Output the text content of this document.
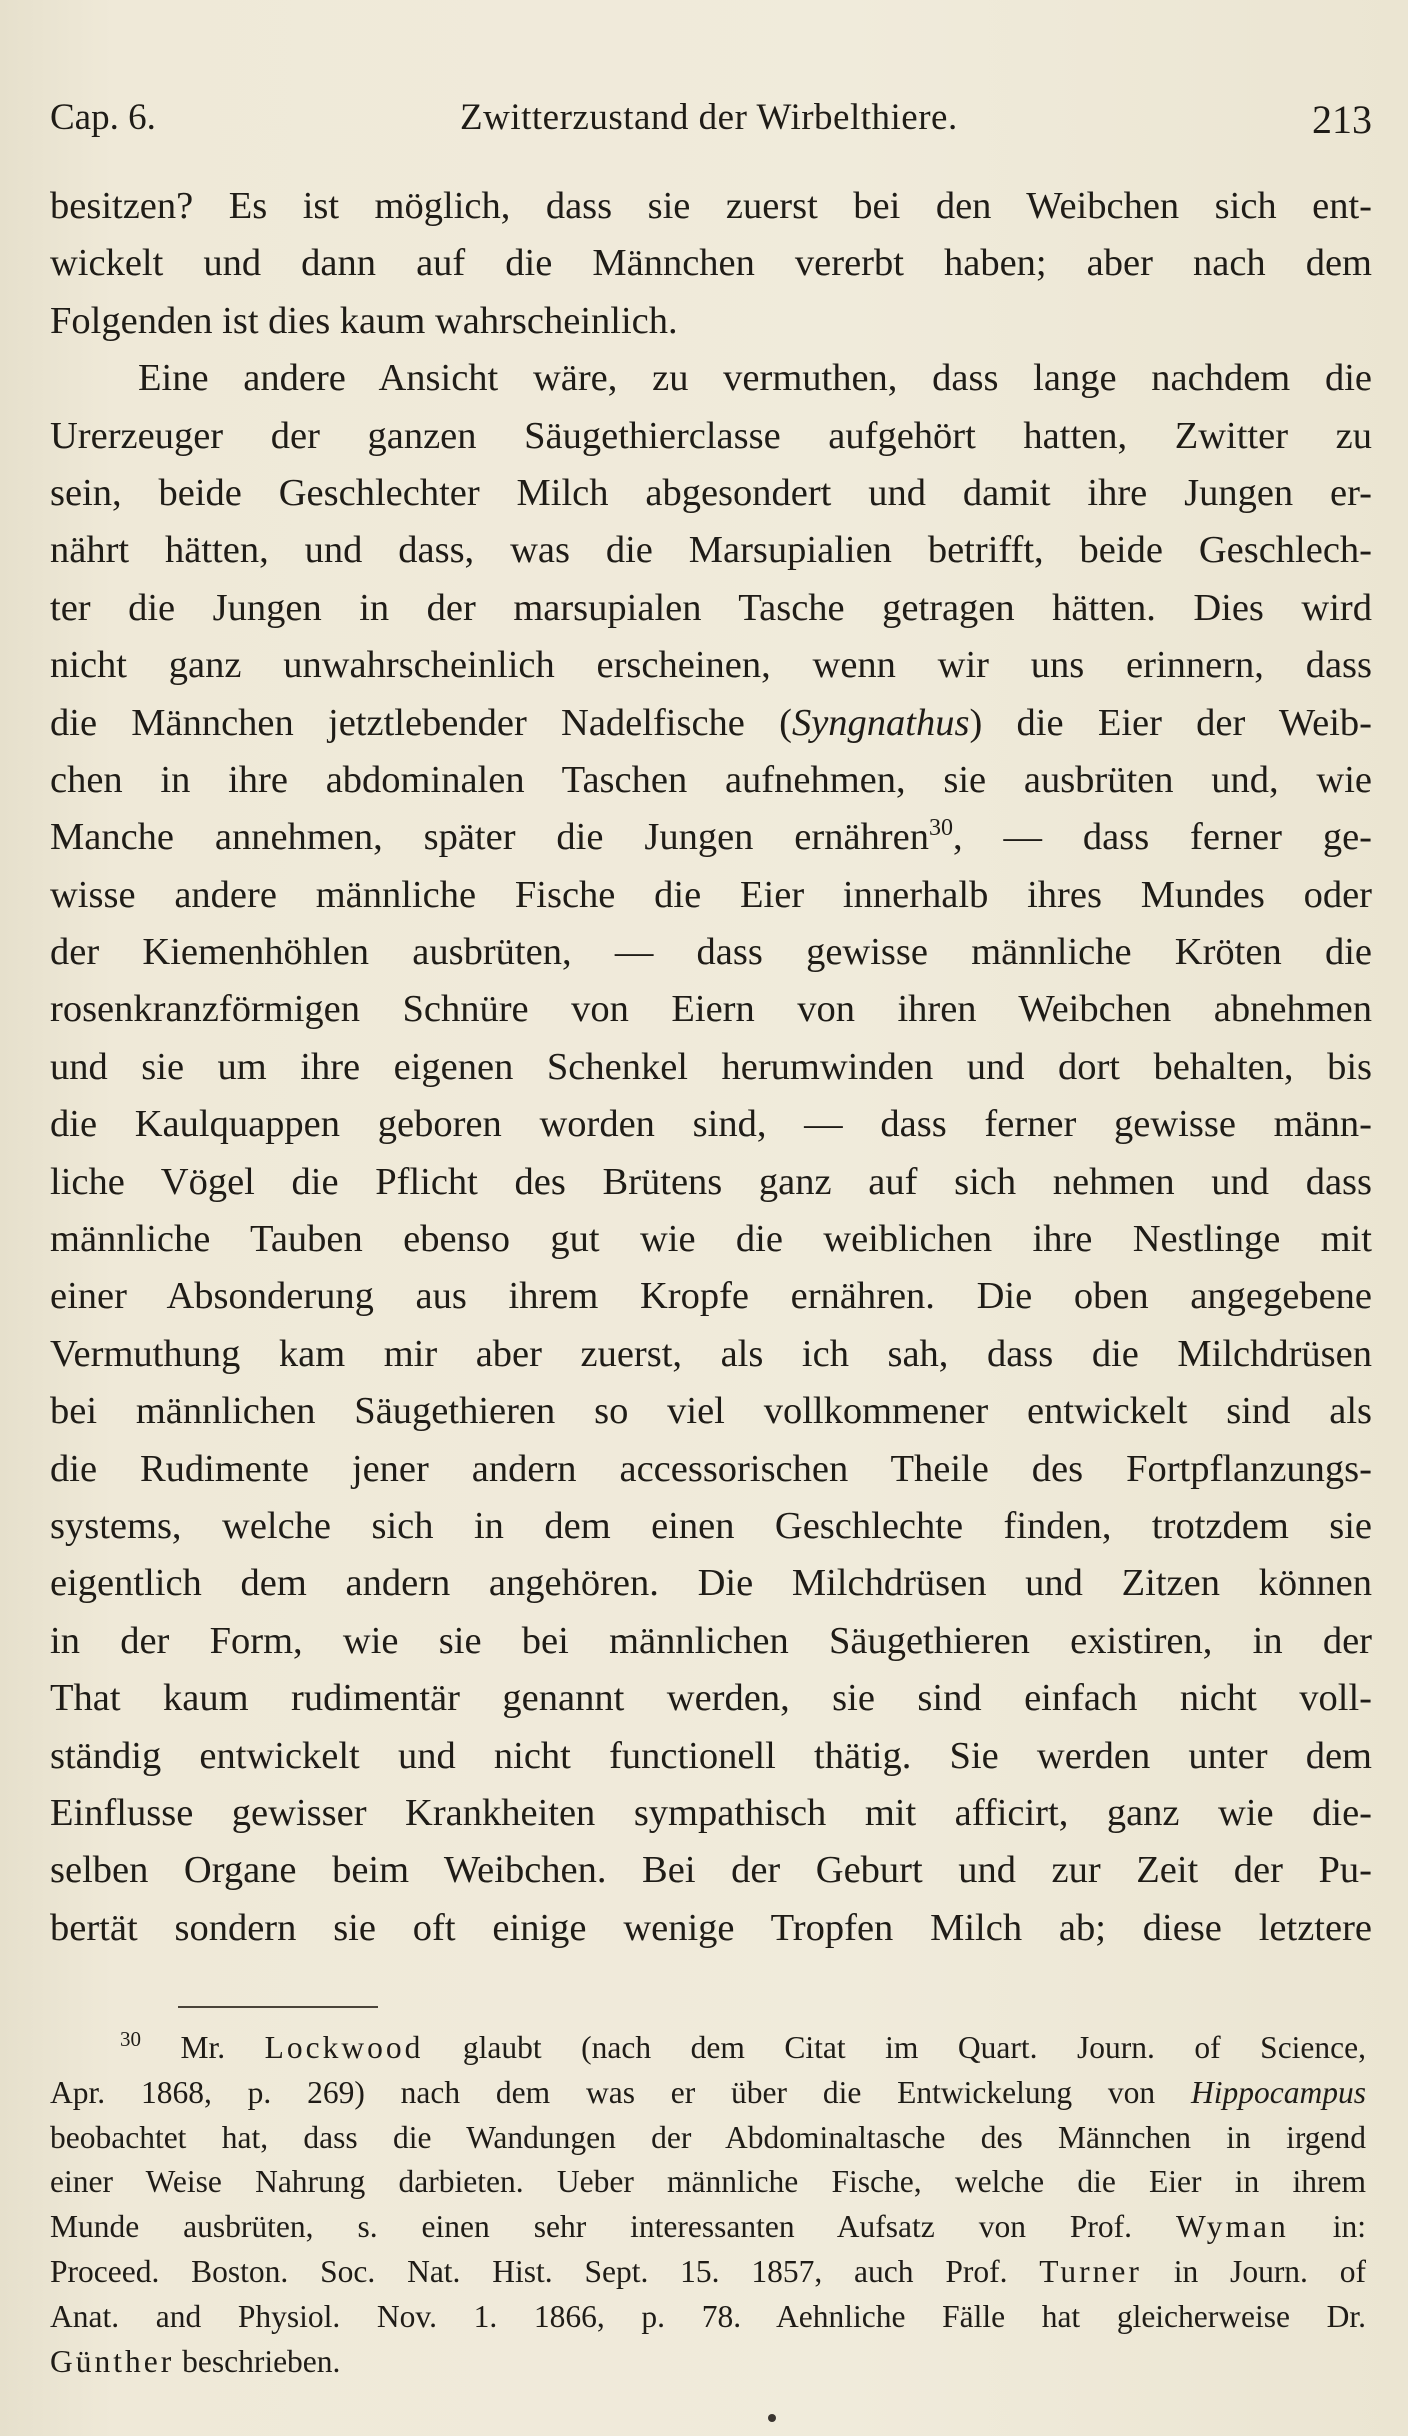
Cap. 6.	Zwitterzustand der Wirbelthiere.	213
besitzen? Es ist möglich, dass sie zuerst bei den Weibchen sich ent-
wickelt und dann auf die Männchen vererbt haben; aber nach dem
Folgenden ist dies kaum wahrscheinlich.
Eine andere Ansicht wäre, zu vermuthen, dass lange nachdem die
Urerzeuger der ganzen Säugethierclasse aufgehört hatten, Zwitter zu
sein, beide Geschlechter Milch abgesondert und damit ihre Jungen er-
nährt hätten, und dass, was die Marsupialien betrifft, beide Geschlech-
ter die Jungen in der marsupialen Tasche getragen hätten. Dies wird
nicht ganz unwahrscheinlich erscheinen, wenn wir uns erinnern, dass
die Männchen jetztlebender Nadelfische (Syngnathus) die Eier der Weib-
chen in ihre abdominalen Taschen aufnehmen, sie ausbrüten und, wie
Manche annehmen, später die Jungen ernähren$^{30}$, — dass ferner ge-
wisse andere männliche Fische die Eier innerhalb ihres Mundes oder
der Kiemenhöhlen ausbrüten, — dass gewisse männliche Kröten die
rosenkranzförmigen Schnüre von Eiern von ihren Weibchen abnehmen
und sie um ihre eigenen Schenkel herumwinden und dort behalten, bis
die Kaulquappen geboren worden sind, — dass ferner gewisse männ-
liche Vögel die Pflicht des Brütens ganz auf sich nehmen und dass
männliche Tauben ebenso gut wie die weiblichen ihre Nestlinge mit
einer Absonderung aus ihrem Kropfe ernähren. Die oben angegebene
Vermuthung kam mir aber zuerst, als ich sah, dass die Milchdrüsen
bei männlichen Säugethieren so viel vollkommener entwickelt sind als
die Rudimente jener andern accessorischen Theile des Fortpflanzungs-
systems, welche sich in dem einen Geschlechte finden, trotzdem sie
eigentlich dem andern angehören. Die Milchdrüsen und Zitzen können
in der Form, wie sie bei männlichen Säugethieren existiren, in der
That kaum rudimentär genannt werden, sie sind einfach nicht voll-
ständig entwickelt und nicht functionell thätig. Sie werden unter dem
Einflusse gewisser Krankheiten sympathisch mit afficirt, ganz wie die-
selben Organe beim Weibchen. Bei der Geburt und zur Zeit der Pu-
bertät sondern sie oft einige wenige Tropfen Milch ab; diese letztere
$^{30}$ Mr. Lockwood glaubt (nach dem Citat im Quart. Journ. of Science,
Apr. 1868, p. 269) nach dem was er über die Entwickelung von Hippocampus
beobachtet hat, dass die Wandungen der Abdominaltasche des Männchen in irgend
einer Weise Nahrung darbieten. Ueber männliche Fische, welche die Eier in ihrem
Munde ausbrüten, s. einen sehr interessanten Aufsatz von Prof. Wyman in:
Proceed. Boston. Soc. Nat. Hist. Sept. 15. 1857, auch Prof. Turner in Journ. of
Anat. and Physiol. Nov. 1. 1866, p. 78. Aehnliche Fälle hat gleicherweise Dr.
Günther beschrieben.
